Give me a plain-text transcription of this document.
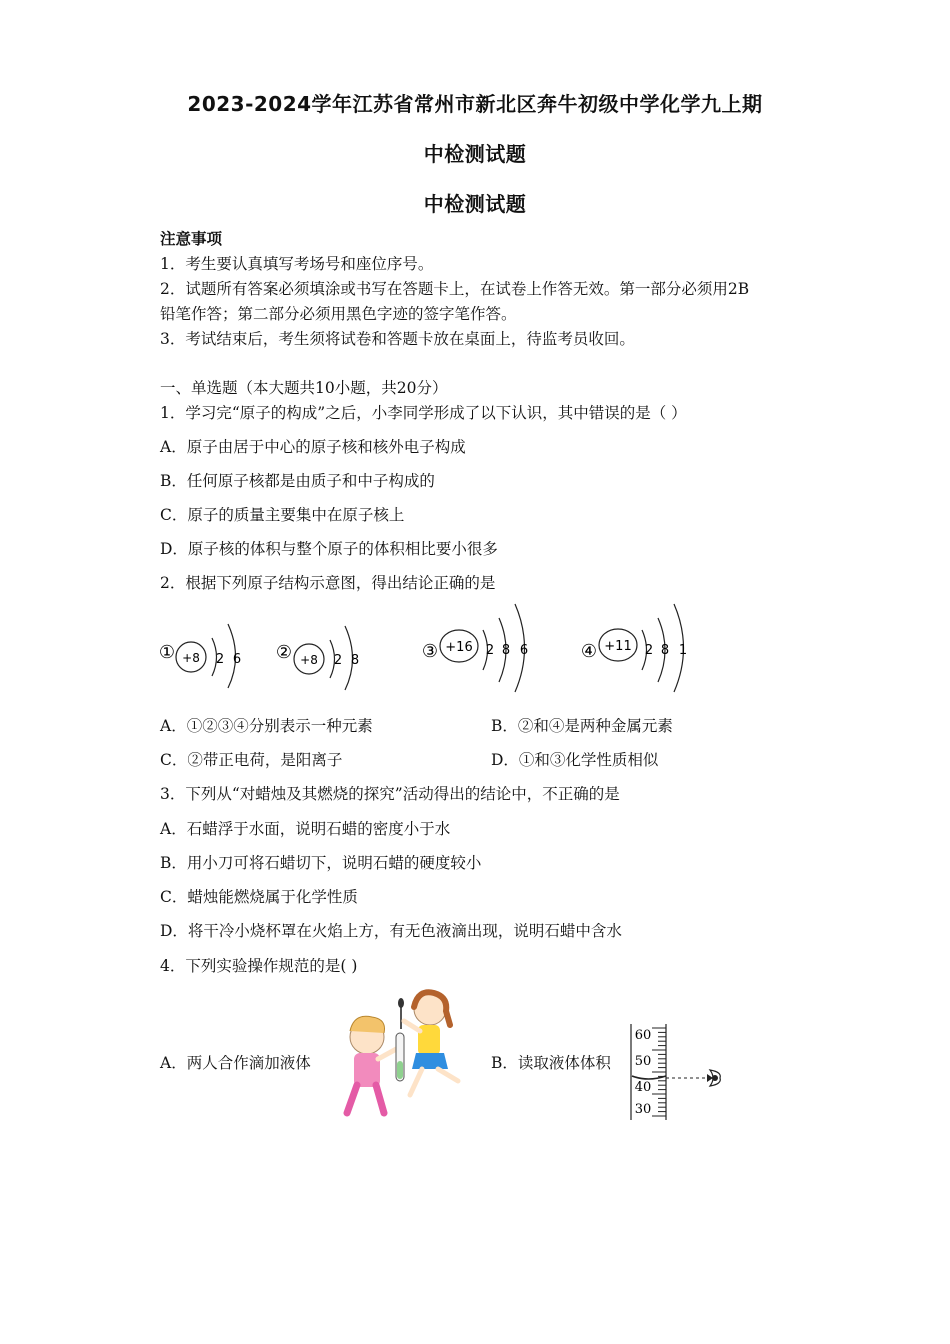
2023-2024学年江苏省常州市新北区奔牛初级中学化学九上期
中检测试题
中检测试题
注意事项
1．考生要认真填写考场号和座位序号。
2．试题所有答案必须填涂或书写在答题卡上，在试卷上作答无效。第一部分必须用2B
铅笔作答；第二部分必须用黑色字迹的签字笔作答。
3．考试结束后，考生须将试卷和答题卡放在桌面上，待监考员收回。
一、单选题（本大题共10小题，共20分）
1．学习完“原子的构成”之后，小李同学形成了以下认识，其中错误的是（ ）
A．原子由居于中心的原子核和核外电子构成
B．任何原子核都是由质子和中子构成的
C．原子的质量主要集中在原子核上
D．原子核的体积与整个原子的体积相比要小很多
2．根据下列原子结构示意图，得出结论正确的是
① +8 2 6 ② +8 2 8	③ +16 2 8 6	④ +11 2 8 1
A．①②③④分别表示一种元素	B．②和④是两种金属元素
C．②带正电荷，是阳离子	D．①和③化学性质相似
3．下列从“对蜡烛及其燃烧的探究”活动得出的结论中，不正确的是
A．石蜡浮于水面，说明石蜡的密度小于水
B．用小刀可将石蜡切下，说明石蜡的硬度较小
C．蜡烛能燃烧属于化学性质
D．将干冷小烧杯罩在火焰上方，有无色液滴出现，说明石蜡中含水
4．下列实验操作规范的是( )
A．两人合作滴加液体	B．读取液体体积
60
50
40
30
